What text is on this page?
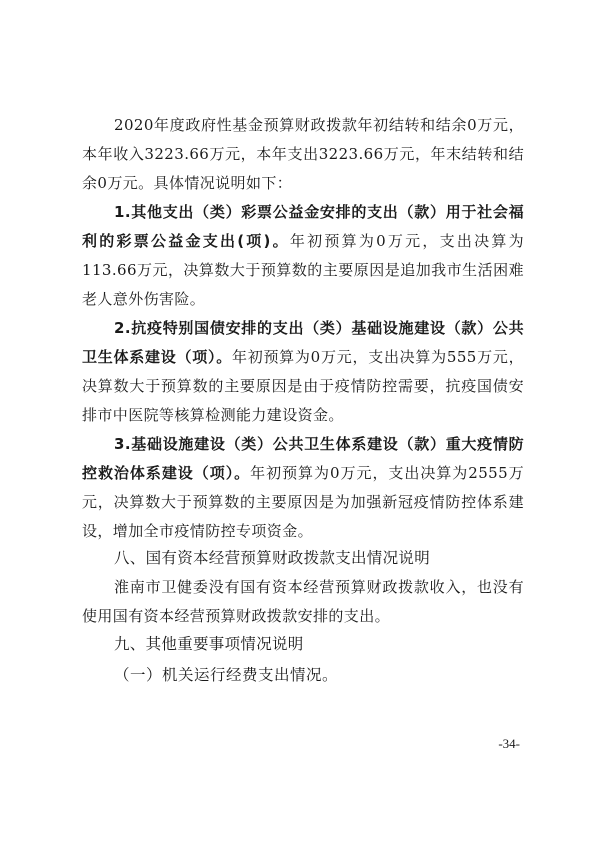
2020年度政府性基金预算财政拨款年初结转和结余0万元，本年收入3223.66万元，本年支出3223.66万元，年末结转和结余0万元。具体情况说明如下：

1.其他支出（类）彩票公益金安排的支出（款）用于社会福利的彩票公益金支出(项)。年初预算为0万元，支出决算为113.66万元，决算数大于预算数的主要原因是追加我市生活困难老人意外伤害险。

2.抗疫特别国债安排的支出（类）基础设施建设（款）公共卫生体系建设（项）。年初预算为0万元，支出决算为555万元，决算数大于预算数的主要原因是由于疫情防控需要，抗疫国债安排市中医院等核算检测能力建设资金。

3.基础设施建设（类）公共卫生体系建设（款）重大疫情防控救治体系建设（项）。年初预算为0万元，支出决算为2555万元，决算数大于预算数的主要原因是为加强新冠疫情防控体系建设，增加全市疫情防控专项资金。

八、国有资本经营预算财政拨款支出情况说明

淮南市卫健委没有国有资本经营预算财政拨款收入，也没有使用国有资本经营预算财政拨款安排的支出。

九、其他重要事项情况说明

（一）机关运行经费支出情况。

-34-
